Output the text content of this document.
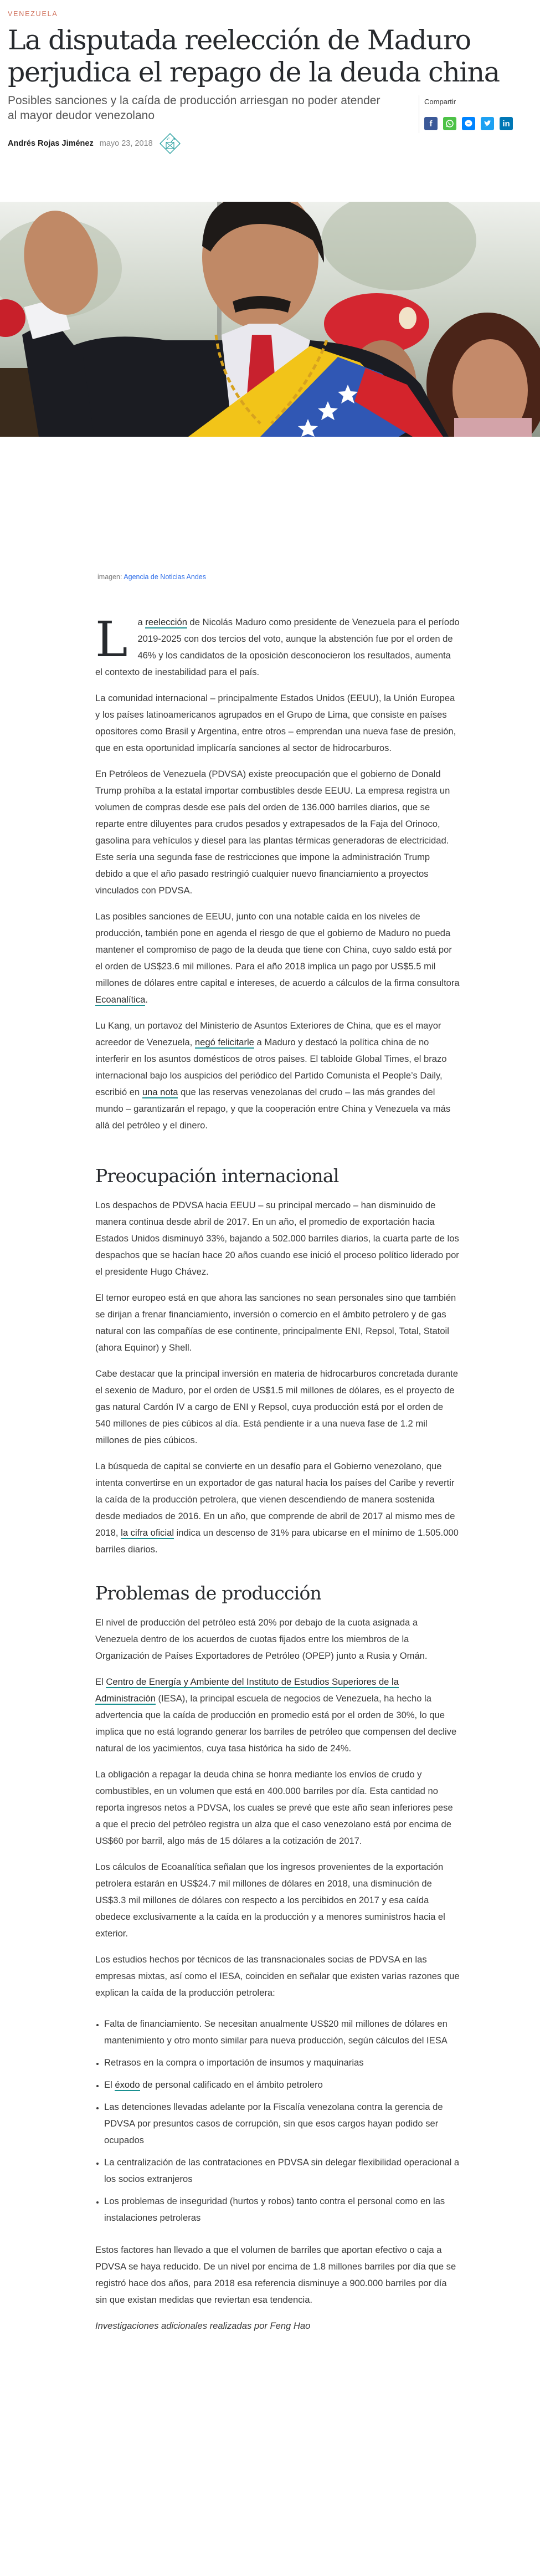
VENEZUELA
La disputada reelección de Maduro perjudica el repago de la deuda china

Posibles sanciones y la caída de producción arriesgan no poder atender al mayor deudor venezolano

Andrés Rojas Jiménez mayo 23, 2018
Compartir
f	in
imagen: Agencia de Noticias Andes

L a reelección de Nicolás Maduro como presidente de Venezuela para el período 2019-2025 con dos tercios del voto, aunque la abstención fue por el orden de 46% y los candidatos de la oposición desconocieron los resultados, aumenta el contexto de inestabilidad para el país.

La comunidad internacional – principalmente Estados Unidos (EEUU), la Unión Europea y los países latinoamericanos agrupados en el Grupo de Lima, que consiste en países opositores como Brasil y Argentina, entre otros – emprendan una nueva fase de presión, que en esta oportunidad implicaría sanciones al sector de hidrocarburos.

En Petróleos de Venezuela (PDVSA) existe preocupación que el gobierno de Donald Trump prohíba a la estatal importar combustibles desde EEUU. La empresa registra un volumen de compras desde ese país del orden de 136.000 barriles diarios, que se reparte entre diluyentes para crudos pesados y extrapesados de la Faja del Orinoco, gasolina para vehículos y diesel para las plantas térmicas generadoras de electricidad. Este sería una segunda fase de restricciones que impone la administración Trump debido a que el año pasado restringió cualquier nuevo financiamiento a proyectos vinculados con PDVSA.

Las posibles sanciones de EEUU, junto con una notable caída en los niveles de producción, también pone en agenda el riesgo de que el gobierno de Maduro no pueda mantener el compromiso de pago de la deuda que tiene con China, cuyo saldo está por el orden de US$23.6 mil millones. Para el año 2018 implica un pago por US$5.5 mil millones de dólares entre capital e intereses, de acuerdo a cálculos de la firma consultora Ecoanalítica.

Lu Kang, un portavoz del Ministerio de Asuntos Exteriores de China, que es el mayor acreedor de Venezuela, negó felicitarle a Maduro y destacó la política china de no interferir en los asuntos domésticos de otros paises. El tabloide Global Times, el brazo internacional bajo los auspicios del periódico del Partido Comunista el People’s Daily, escribió en una nota que las reservas venezolanas del crudo – las más grandes del mundo – garantizarán el repago, y que la cooperación entre China y Venezuela va más allá del petróleo y el dinero.

Preocupación internacional

Los despachos de PDVSA hacia EEUU – su principal mercado – han disminuido de manera continua desde abril de 2017. En un año, el promedio de exportación hacia Estados Unidos disminuyó 33%, bajando a 502.000 barriles diarios, la cuarta parte de los despachos que se hacían hace 20 años cuando ese inició el proceso político liderado por el presidente Hugo Chávez.

El temor europeo está en que ahora las sanciones no sean personales sino que también se dirijan a frenar financiamiento, inversión o comercio en el ámbito petrolero y de gas natural con las compañías de ese continente, principalmente ENI, Repsol, Total, Statoil (ahora Equinor) y Shell.

Cabe destacar que la principal inversión en materia de hidrocarburos concretada durante el sexenio de Maduro, por el orden de US$1.5 mil millones de dólares, es el proyecto de gas natural Cardón IV a cargo de ENI y Repsol, cuya producción está por el orden de 540 millones de pies cúbicos al día. Está pendiente ir a una nueva fase de 1.2 mil millones de pies cúbicos.

La búsqueda de capital se convierte en un desafío para el Gobierno venezolano, que intenta convertirse en un exportador de gas natural hacia los países del Caribe y revertir la caída de la producción petrolera, que vienen descendiendo de manera sostenida desde mediados de 2016. En un año, que comprende de abril de 2017 al mismo mes de 2018, la cifra oficial indica un descenso de 31% para ubicarse en el mínimo de 1.505.000 barriles diarios.

Problemas de producción

El nivel de producción del petróleo está 20% por debajo de la cuota asignada a Venezuela dentro de los acuerdos de cuotas fijados entre los miembros de la Organización de Países Exportadores de Petróleo (OPEP) junto a Rusia y Omán.

El Centro de Energía y Ambiente del Instituto de Estudios Superiores de la Administración (IESA), la principal escuela de negocios de Venezuela, ha hecho la advertencia que la caída de producción en promedio está por el orden de 30%, lo que implica que no está logrando generar los barriles de petróleo que compensen del declive natural de los yacimientos, cuya tasa histórica ha sido de 24%.

La obligación a repagar la deuda china se honra mediante los envíos de crudo y combustibles, en un volumen que está en 400.000 barriles por día. Esta cantidad no reporta ingresos netos a PDVSA, los cuales se prevé que este año sean inferiores pese a que el precio del petróleo registra un alza que el caso venezolano está por encima de US$60 por barril, algo más de 15 dólares a la cotización de 2017.

Los cálculos de Ecoanalítica señalan que los ingresos provenientes de la exportación petrolera estarán en US$24.7 mil millones de dólares en 2018, una disminución de US$3.3 mil millones de dólares con respecto a los percibidos en 2017 y esa caída obedece exclusivamente a la caída en la producción y a menores suministros hacia el exterior.

Los estudios hechos por técnicos de las transnacionales socias de PDVSA en las empresas mixtas, así como el IESA, coinciden en señalar que existen varias razones que explican la caída de la producción petrolera:

• Falta de financiamiento. Se necesitan anualmente US$20 mil millones de dólares en mantenimiento y otro monto similar para nueva producción, según cálculos del IESA
• Retrasos en la compra o importación de insumos y maquinarias
• El éxodo de personal calificado en el ámbito petrolero
• Las detenciones llevadas adelante por la Fiscalía venezolana contra la gerencia de PDVSA por presuntos casos de corrupción, sin que esos cargos hayan podido ser ocupados
• La centralización de las contrataciones en PDVSA sin delegar flexibilidad operacional a los socios extranjeros
• Los problemas de inseguridad (hurtos y robos) tanto contra el personal como en las instalaciones petroleras

Estos factores han llevado a que el volumen de barriles que aportan efectivo o caja a PDVSA se haya reducido. De un nivel por encima de 1.8 millones barriles por día que se registró hace dos años, para 2018 esa referencia disminuye a 900.000 barriles por día sin que existan medidas que reviertan esa tendencia.

Investigaciones adicionales realizadas por Feng Hao
